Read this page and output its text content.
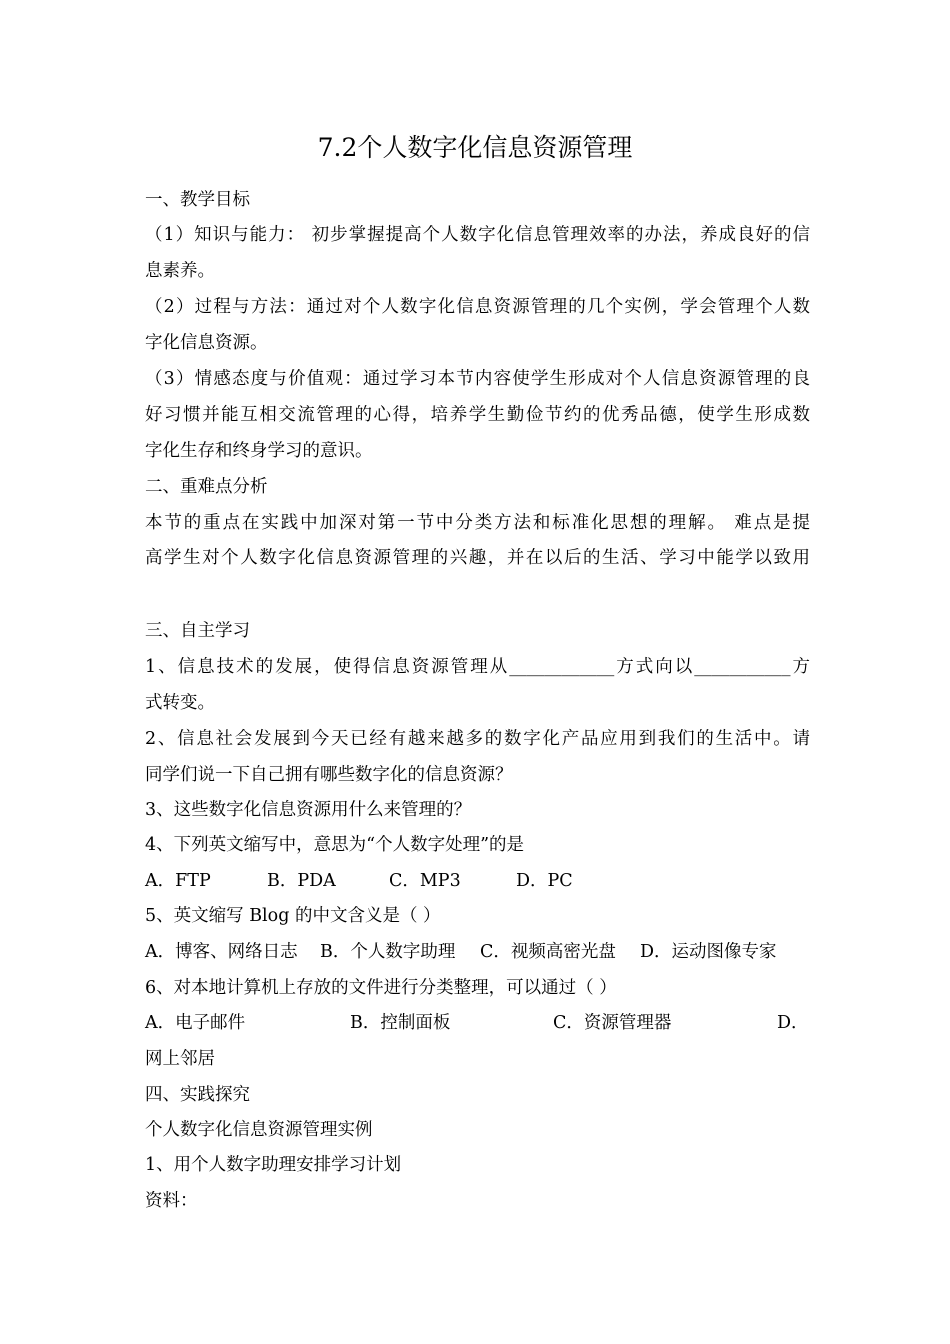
7.2个人数字化信息资源管理
一、教学目标
（1）知识与能力： 初步掌握提高个人数字化信息管理效率的办法，养成良好的信
息素养。
（2）过程与方法：通过对个人数字化信息资源管理的几个实例，学会管理个人数
字化信息资源。
（3）情感态度与价值观：通过学习本节内容使学生形成对个人信息资源管理的良
好习惯并能互相交流管理的心得，培养学生勤俭节约的优秀品德，使学生形成数
字化生存和终身学习的意识。
二、重难点分析
本节的重点在实践中加深对第一节中分类方法和标准化思想的理解。 难点是提
高学生对个人数字化信息资源管理的兴趣，并在以后的生活、学习中能学以致用
三、自主学习
1、信息技术的发展，使得信息资源管理从____________方式向以___________方
式转变。
2、信息社会发展到今天已经有越来越多的数字化产品应用到我们的生活中。请
同学们说一下自己拥有哪些数字化的信息资源？
3、这些数字化信息资源用什么来管理的？
4、下列英文缩写中，意思为“个人数字处理”的是
A．FTP	B．PDA	C．MP3	D．PC
5、英文缩写 Blog 的中文含义是（ ）
A．博客、网络日志 B．个人数字助理 C．视频高密光盘 D．运动图像专家
6、对本地计算机上存放的文件进行分类整理，可以通过（ ）
A．电子邮件	B．控制面板	C．资源管理器	D．
网上邻居
四、实践探究
个人数字化信息资源管理实例
1、用个人数字助理安排学习计划
资料：
